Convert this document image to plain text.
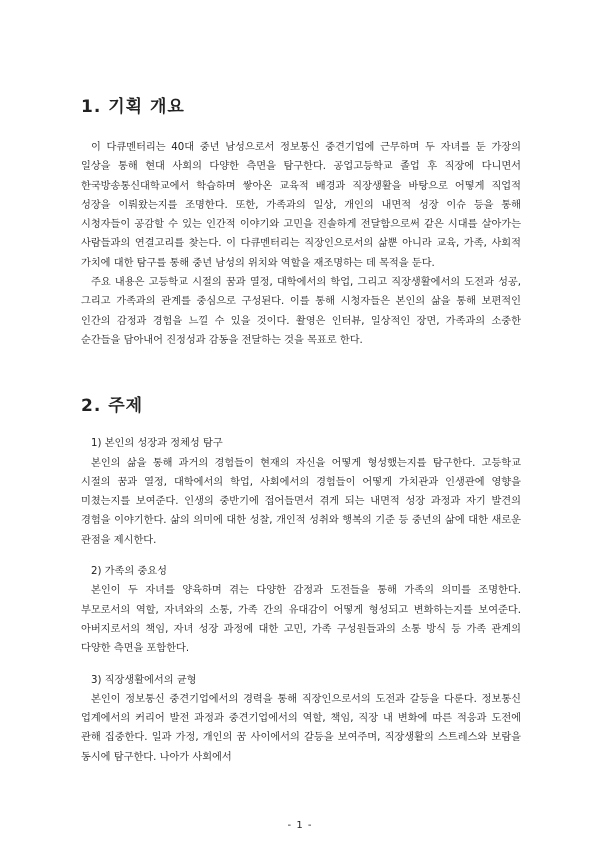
1. 기획 개요

이 다큐멘터리는 40대 중년 남성으로서 정보통신 중견기업에 근무하며 두 자녀를 둔 가장의 일상을 통해 현대 사회의 다양한 측면을 탐구한다. 공업고등학교 졸업 후 직장에 다니면서 한국방송통신대학교에서 학습하며 쌓아온 교육적 배경과 직장생활을 바탕으로 어떻게 직업적 성장을 이뤄왔는지를 조명한다. 또한, 가족과의 일상, 개인의 내면적 성장 이슈 등을 통해 시청자들이 공감할 수 있는 인간적 이야기와 고민을 진솔하게 전달함으로써 같은 시대를 살아가는 사람들과의 연결고리를 찾는다. 이 다큐멘터리는 직장인으로서의 삶뿐 아니라 교육, 가족, 사회적 가치에 대한 탐구를 통해 중년 남성의 위치와 역할을 재조명하는 데 목적을 둔다.

주요 내용은 고등학교 시절의 꿈과 열정, 대학에서의 학업, 그리고 직장생활에서의 도전과 성공, 그리고 가족과의 관계를 중심으로 구성된다. 이를 통해 시청자들은 본인의 삶을 통해 보편적인 인간의 감정과 경험을 느낄 수 있을 것이다. 촬영은 인터뷰, 일상적인 장면, 가족과의 소중한 순간들을 담아내어 진정성과 감동을 전달하는 것을 목표로 한다.

2. 주제
1) 본인의 성장과 정체성 탐구

본인의 삶을 통해 과거의 경험들이 현재의 자신을 어떻게 형성했는지를 탐구한다. 고등학교 시절의 꿈과 열정, 대학에서의 학업, 사회에서의 경험들이 어떻게 가치관과 인생관에 영향을 미쳤는지를 보여준다. 인생의 중반기에 접어들면서 겪게 되는 내면적 성장 과정과 자기 발견의 경험을 이야기한다. 삶의 의미에 대한 성찰, 개인적 성취와 행복의 기준 등 중년의 삶에 대한 새로운 관점을 제시한다.

2) 가족의 중요성

본인이 두 자녀를 양육하며 겪는 다양한 감정과 도전들을 통해 가족의 의미를 조명한다. 부모로서의 역할, 자녀와의 소통, 가족 간의 유대감이 어떻게 형성되고 변화하는지를 보여준다. 아버지로서의 책임, 자녀 성장 과정에 대한 고민, 가족 구성원들과의 소통 방식 등 가족 관계의 다양한 측면을 포함한다.

3) 직장생활에서의 균형

본인이 정보통신 중견기업에서의 경력을 통해 직장인으로서의 도전과 갈등을 다룬다. 정보통신 업계에서의 커리어 발전 과정과 중견기업에서의 역할, 책임, 직장 내 변화에 따른 적응과 도전에 관해 집중한다. 일과 가정, 개인의 꿈 사이에서의 갈등을 보여주며, 직장생활의 스트레스와 보람을 동시에 탐구한다. 나아가 사회에서

- 1 -
